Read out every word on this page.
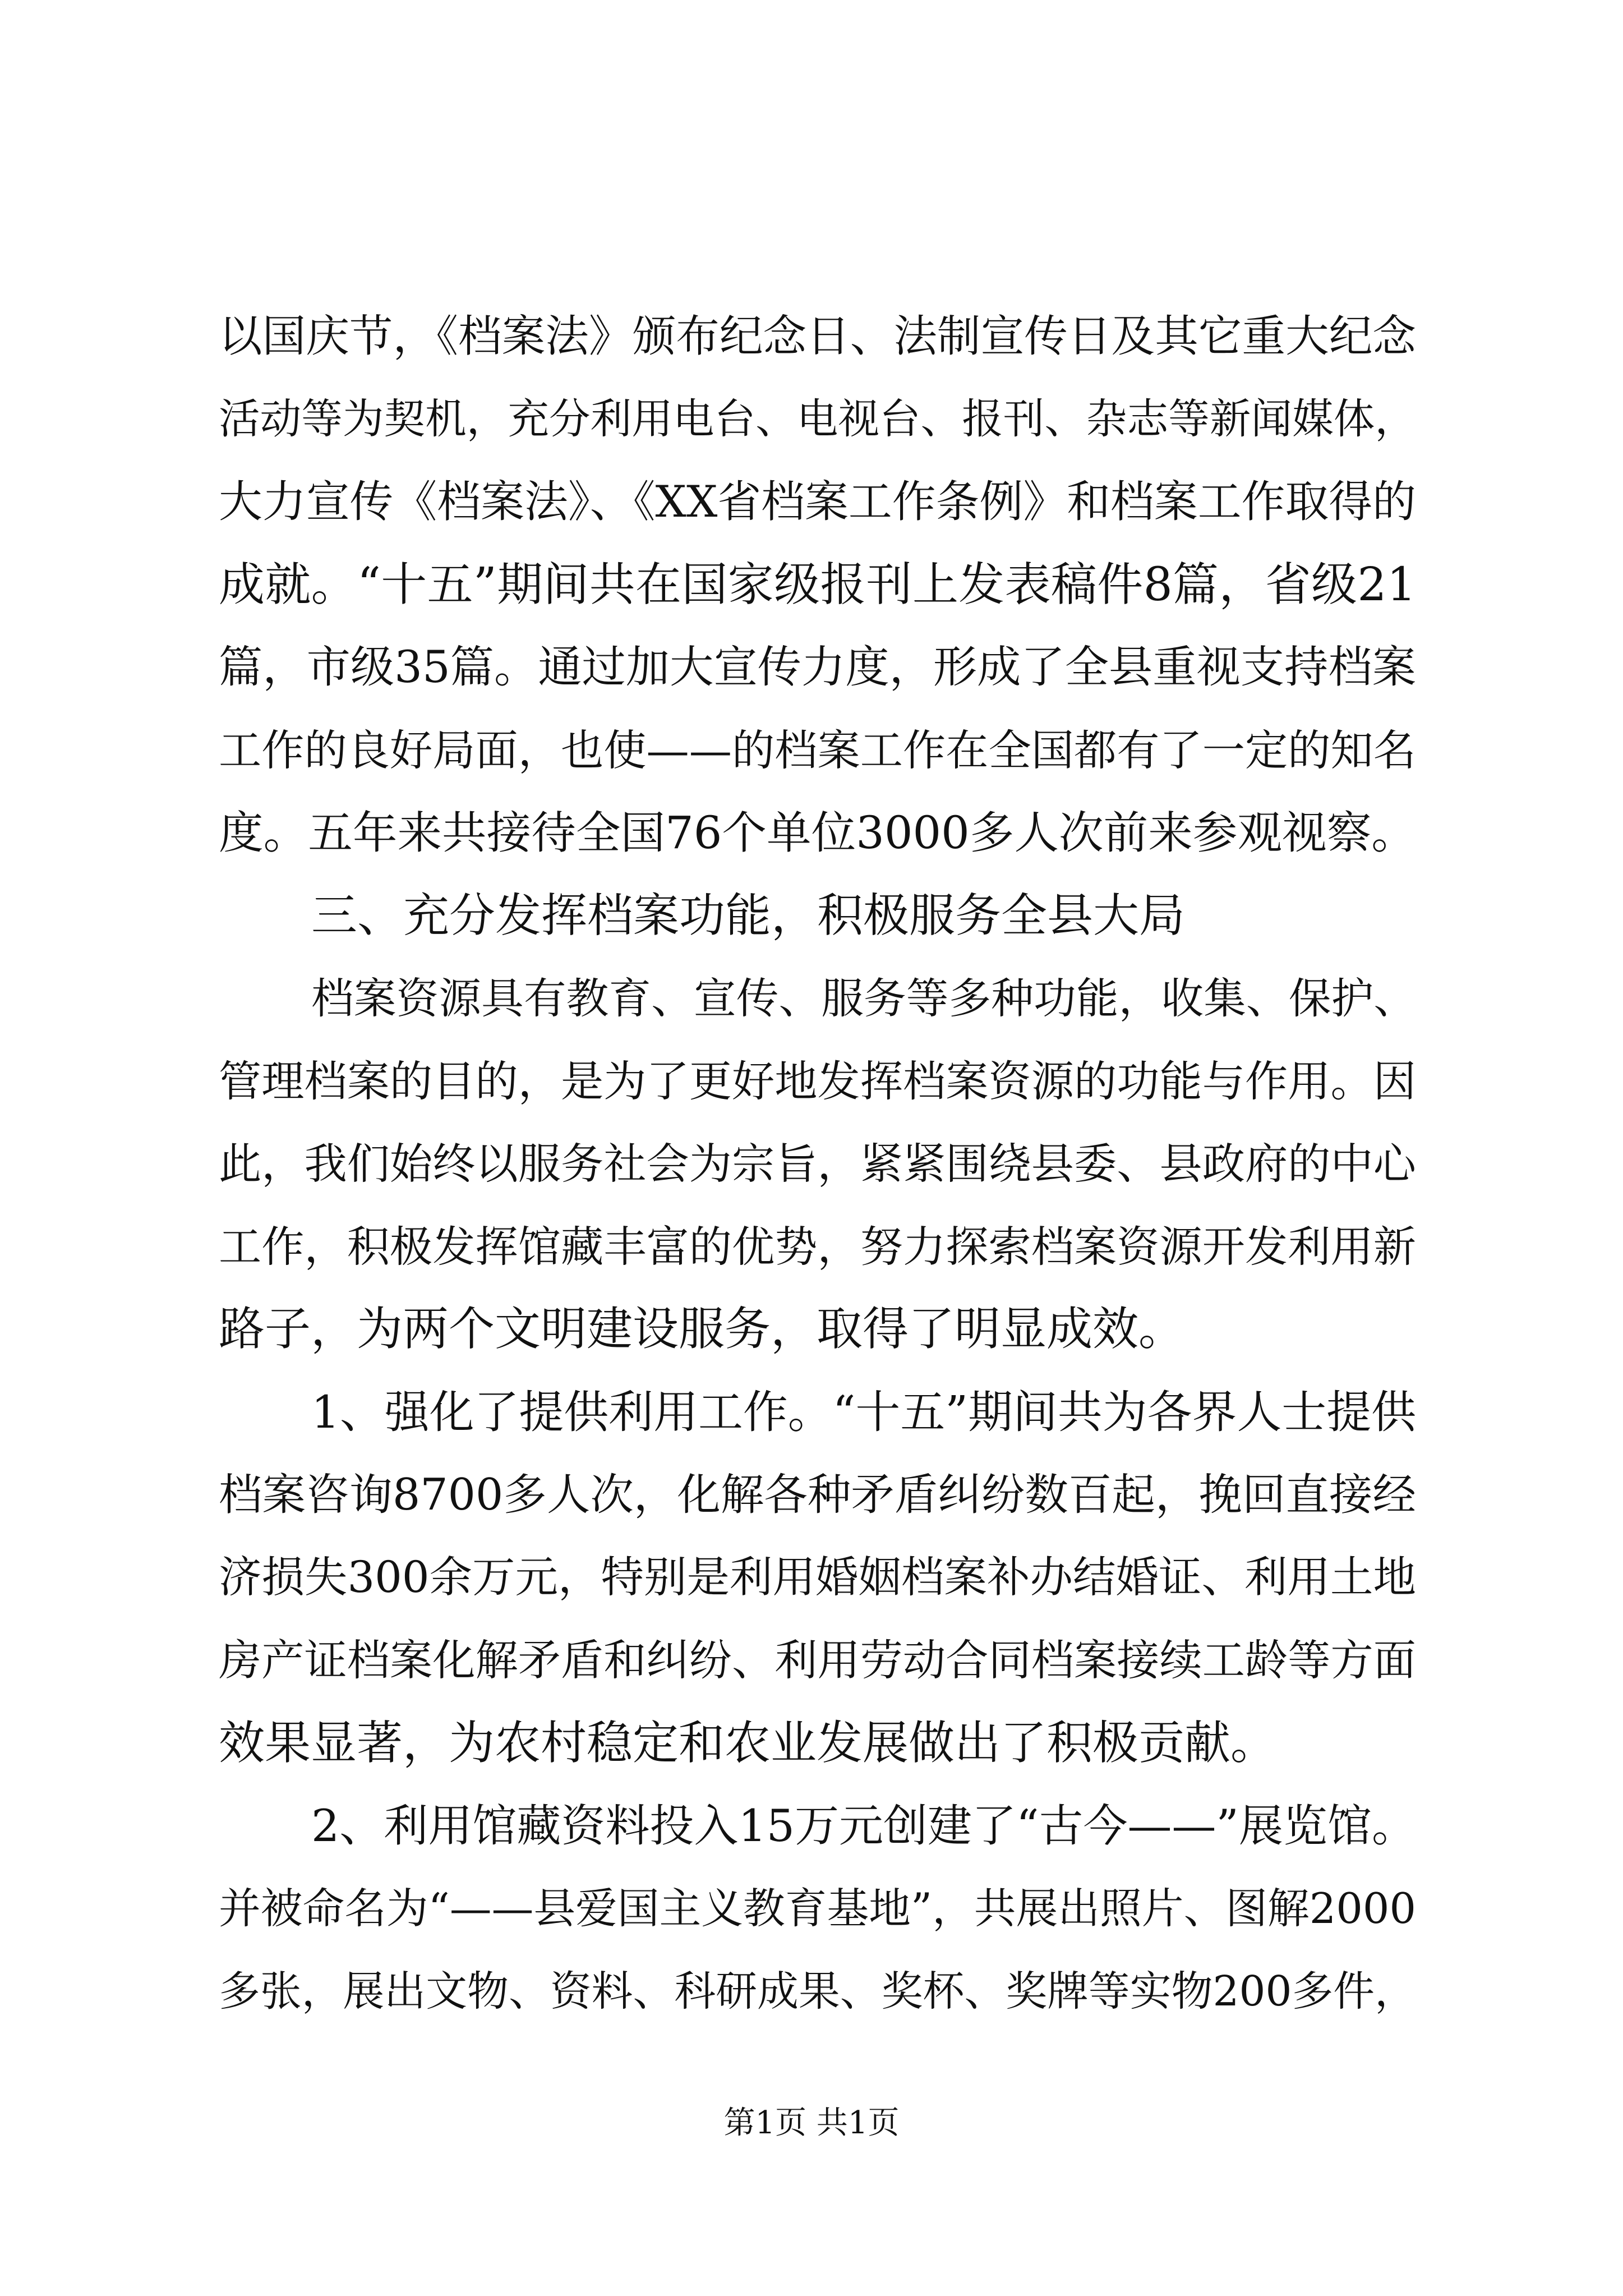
以国庆节，《档案法》颁布纪念日、法制宣传日及其它重大纪念
活动等为契机，充分利用电台、电视台、报刊、杂志等新闻媒体，
大力宣传《档案法》、《XX省档案工作条例》和档案工作取得的
成就。“十五”期间共在国家级报刊上发表稿件8篇，省级21
篇，市级35篇。通过加大宣传力度，形成了全县重视支持档案
工作的良好局面，也使——的档案工作在全国都有了一定的知名
度。五年来共接待全国76个单位3000多人次前来参观视察。
三、充分发挥档案功能，积极服务全县大局
档案资源具有教育、宣传、服务等多种功能，收集、保护、
管理档案的目的，是为了更好地发挥档案资源的功能与作用。因
此，我们始终以服务社会为宗旨，紧紧围绕县委、县政府的中心
工作，积极发挥馆藏丰富的优势，努力探索档案资源开发利用新
路子，为两个文明建设服务，取得了明显成效。
1、强化了提供利用工作。“十五”期间共为各界人士提供
档案咨询8700多人次，化解各种矛盾纠纷数百起，挽回直接经
济损失300余万元，特别是利用婚姻档案补办结婚证、利用土地
房产证档案化解矛盾和纠纷、利用劳动合同档案接续工龄等方面
效果显著，为农村稳定和农业发展做出了积极贡献。
2、利用馆藏资料投入15万元创建了“古今——”展览馆。
并被命名为“——县爱国主义教育基地”，共展出照片、图解2000
多张，展出文物、资料、科研成果、奖杯、奖牌等实物200多件，
第1页 共1页
